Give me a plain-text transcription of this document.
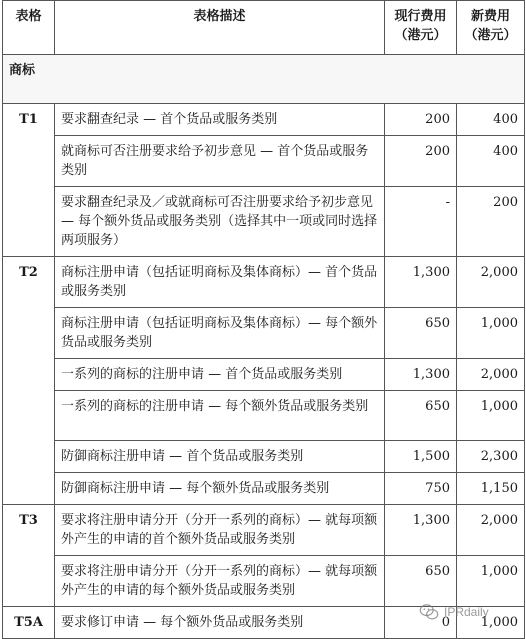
表格	表格描述	现行费用（港元）	新费用（港元）
商标			
T1	要求翻查纪录 — 首个货品或服务类别	200	400
	就商标可否注册要求给予初步意见 — 首个货品或服务类别	200	400
	要求翻查纪录及／或就商标可否注册要求给予初步意见 — 每个额外货品或服务类别（选择其中一项或同时选择两项服务）	-	200
T2	商标注册申请（包括证明商标及集体商标）— 首个货品或服务类别	1,300	2,000
	商标注册申请（包括证明商标及集体商标）— 每个额外货品或服务类别	650	1,000
	一系列的商标的注册申请 — 首个货品或服务类别	1,300	2,000
	一系列的商标的注册申请 — 每个额外货品或服务类别	650	1,000
	防御商标注册申请 — 首个货品或服务类别	1,500	2,300
	防御商标注册申请 — 每个额外货品或服务类别	750	1,150
T3	要求将注册申请分开（分开一系列的商标）— 就每项额外产生的申请的首个额外货品或服务类别	1,300	2,000
	要求将注册申请分开（分开一系列的商标）— 就每项额外产生的申请的每个额外货品或服务类别	650	1,000
T5A	要求修订申请 — 每个额外货品或服务类别	0	1,000
IPRdaily
